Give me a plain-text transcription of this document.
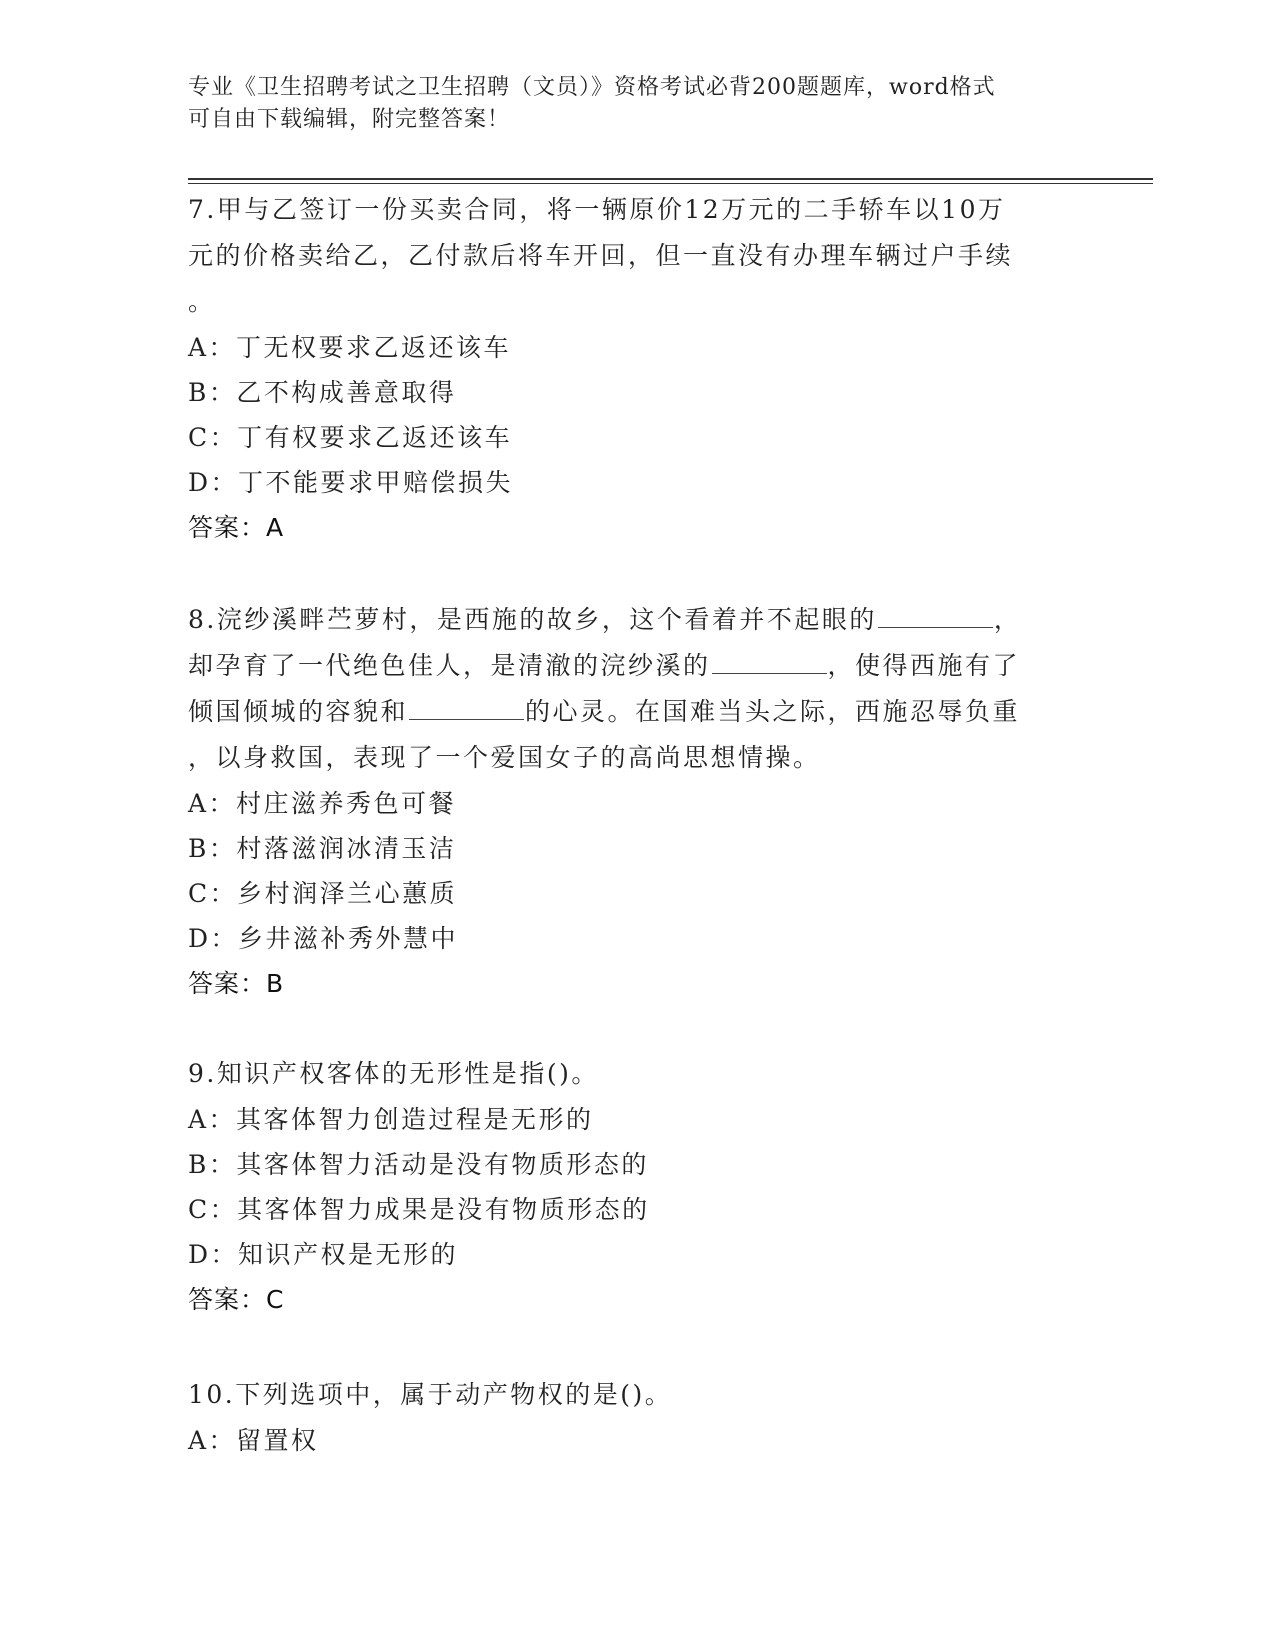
专业《卫生招聘考试之卫生招聘（文员）》资格考试必背200题题库，word格式
可自由下载编辑，附完整答案！

7.甲与乙签订一份买卖合同，将一辆原价12万元的二手轿车以10万

元的价格卖给乙，乙付款后将车开回，但一直没有办理车辆过户手续

。

A：丁无权要求乙返还该车

B：乙不构成善意取得

C：丁有权要求乙返还该车

D：丁不能要求甲赔偿损失

答案：A

8.浣纱溪畔苎萝村，是西施的故乡，这个看着并不起眼的	，

却孕育了一代绝色佳人，是清澈的浣纱溪的	，使得西施有了

倾国倾城的容貌和	的心灵。在国难当头之际，西施忍辱负重

，以身救国，表现了一个爱国女子的高尚思想情操。

A：村庄滋养秀色可餐

B：村落滋润冰清玉洁

C：乡村润泽兰心蕙质

D：乡井滋补秀外慧中

答案：B

9.知识产权客体的无形性是指()。

A：其客体智力创造过程是无形的

B：其客体智力活动是没有物质形态的

C：其客体智力成果是没有物质形态的

D：知识产权是无形的

答案：C

10.下列选项中，属于动产物权的是()。

A：留置权
